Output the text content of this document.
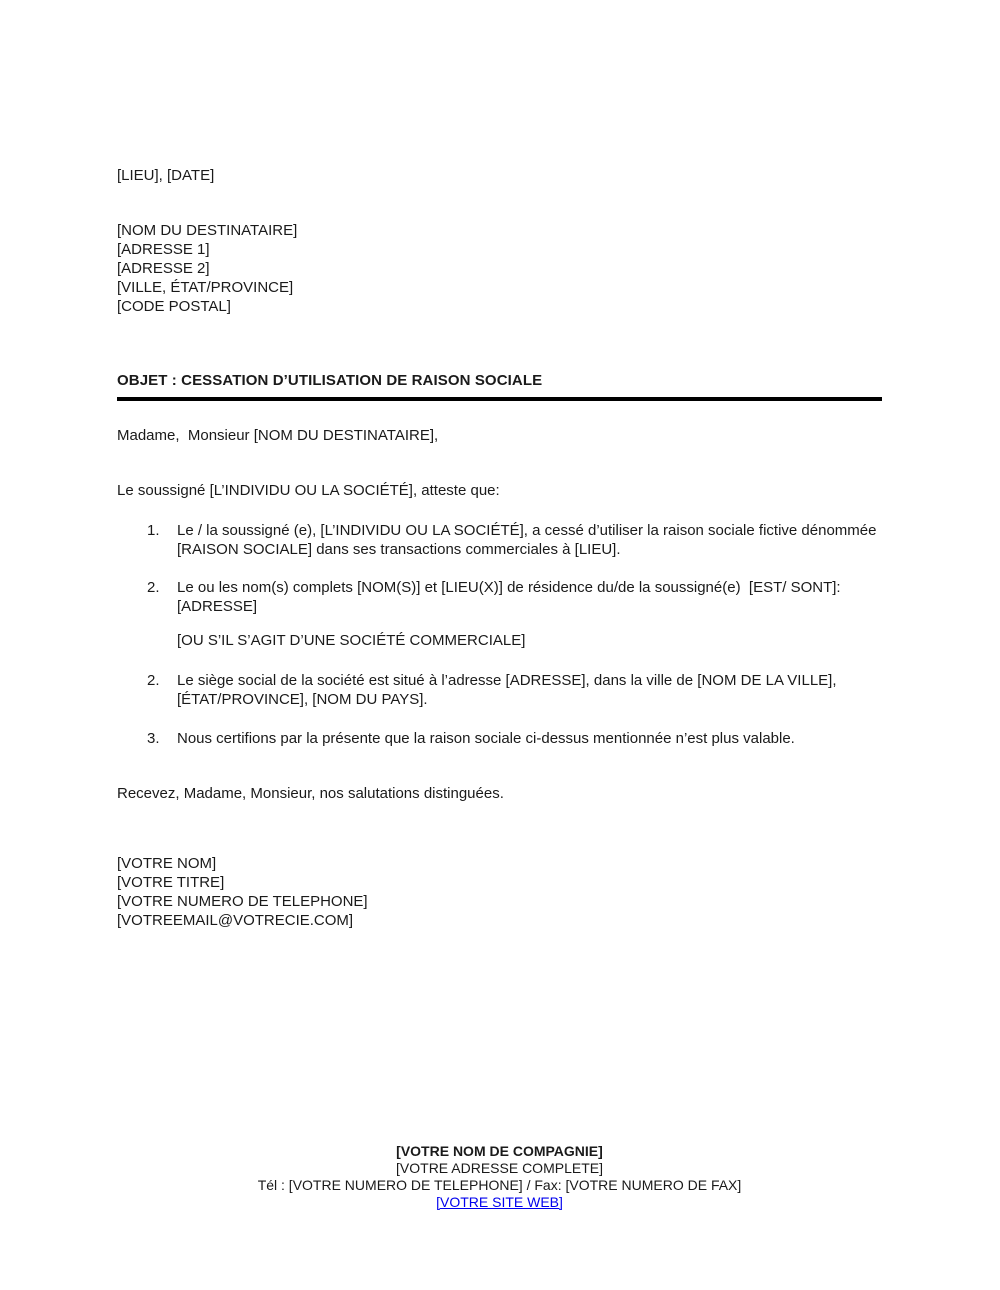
[LIEU], [DATE]
[NOM DU DESTINATAIRE]
[ADRESSE 1]
[ADRESSE 2]
[VILLE, ÉTAT/PROVINCE]
[CODE POSTAL]
OBJET : CESSATION D’UTILISATION DE RAISON SOCIALE
Madame,  Monsieur [NOM DU DESTINATAIRE],
Le soussigné [L’INDIVIDU OU LA SOCIÉTÉ], atteste que:
1.	Le / la soussigné (e), [L’INDIVIDU OU LA SOCIÉTÉ], a cessé d’utiliser la raison sociale fictive dénommée [RAISON SOCIALE] dans ses transactions commerciales à [LIEU].
2.	Le ou les nom(s) complets [NOM(S)] et [LIEU(X)] de résidence du/de la soussigné(e)  [EST/ SONT]: [ADRESSE]
[OU S’IL S’AGIT D’UNE SOCIÉTÉ COMMERCIALE]
2.	Le siège social de la société est situé à l’adresse [ADRESSE], dans la ville de [NOM DE LA VILLE], [ÉTAT/PROVINCE], [NOM DU PAYS].
3.	Nous certifions par la présente que la raison sociale ci-dessus mentionnée n’est plus valable.
Recevez, Madame, Monsieur, nos salutations distinguées.
[VOTRE NOM]
[VOTRE TITRE]
[VOTRE NUMERO DE TELEPHONE]
[VOTREEMAIL@VOTRECIE.COM]
[VOTRE NOM DE COMPAGNIE]
[VOTRE ADRESSE COMPLETE]
Tél : [VOTRE NUMERO DE TELEPHONE] / Fax: [VOTRE NUMERO DE FAX]
[VOTRE SITE WEB]
